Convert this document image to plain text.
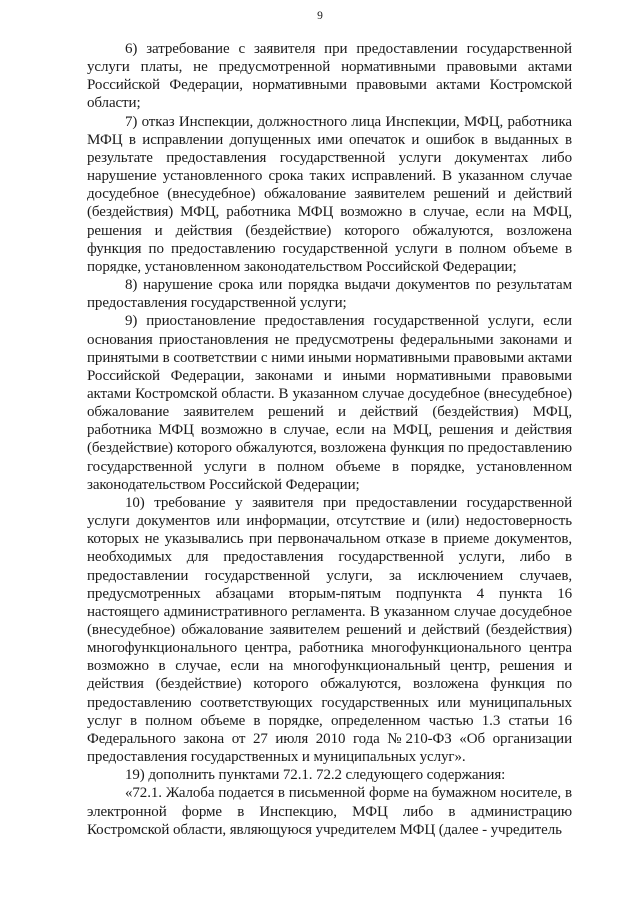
9

6) затребование с заявителя при предоставлении государственной услуги платы, не предусмотренной нормативными правовыми актами Российской Федерации, нормативными правовыми актами Костромской области;

7) отказ Инспекции, должностного лица Инспекции, МФЦ, работника МФЦ в исправлении допущенных ими опечаток и ошибок в выданных в результате предоставления государственной услуги документах либо нарушение установленного срока таких исправлений. В указанном случае досудебное (внесудебное) обжалование заявителем решений и действий (бездействия) МФЦ, работника МФЦ возможно в случае, если на МФЦ, решения и действия (бездействие) которого обжалуются, возложена функция по предоставлению государственной услуги в полном объеме в порядке, установленном законодательством Российской Федерации;

8) нарушение срока или порядка выдачи документов по результатам предоставления государственной услуги;

9) приостановление предоставления государственной услуги, если основания приостановления не предусмотрены федеральными законами и принятыми в соответствии с ними иными нормативными правовыми актами Российской Федерации, законами и иными нормативными правовыми актами Костромской области. В указанном случае досудебное (внесудебное) обжалование заявителем решений и действий (бездействия) МФЦ, работника МФЦ возможно в случае, если на МФЦ, решения и действия (бездействие) которого обжалуются, возложена функция по предоставлению государственной услуги в полном объеме в порядке, установленном законодательством Российской Федерации;

10) требование у заявителя при предоставлении государственной услуги документов или информации, отсутствие и (или) недостоверность которых не указывались при первоначальном отказе в приеме документов, необходимых для предоставления государственной услуги, либо в предоставлении государственной услуги, за исключением случаев, предусмотренных абзацами вторым-пятым подпункта 4 пункта 16 настоящего административного регламента. В указанном случае досудебное (внесудебное) обжалование заявителем решений и действий (бездействия) многофункционального центра, работника многофункционального центра возможно в случае, если на многофункциональный центр, решения и действия (бездействие) которого обжалуются, возложена функция по предоставлению соответствующих государственных или муниципальных услуг в полном объеме в порядке, определенном частью 1.3 статьи 16 Федерального закона от 27 июля 2010 года №210-ФЗ «Об организации предоставления государственных и муниципальных услуг».

19) дополнить пунктами 72.1. 72.2 следующего содержания:

«72.1. Жалоба подается в письменной форме на бумажном носителе, в электронной форме в Инспекцию, МФЦ либо в администрацию Костромской области, являющуюся учредителем МФЦ (далее - учредитель
